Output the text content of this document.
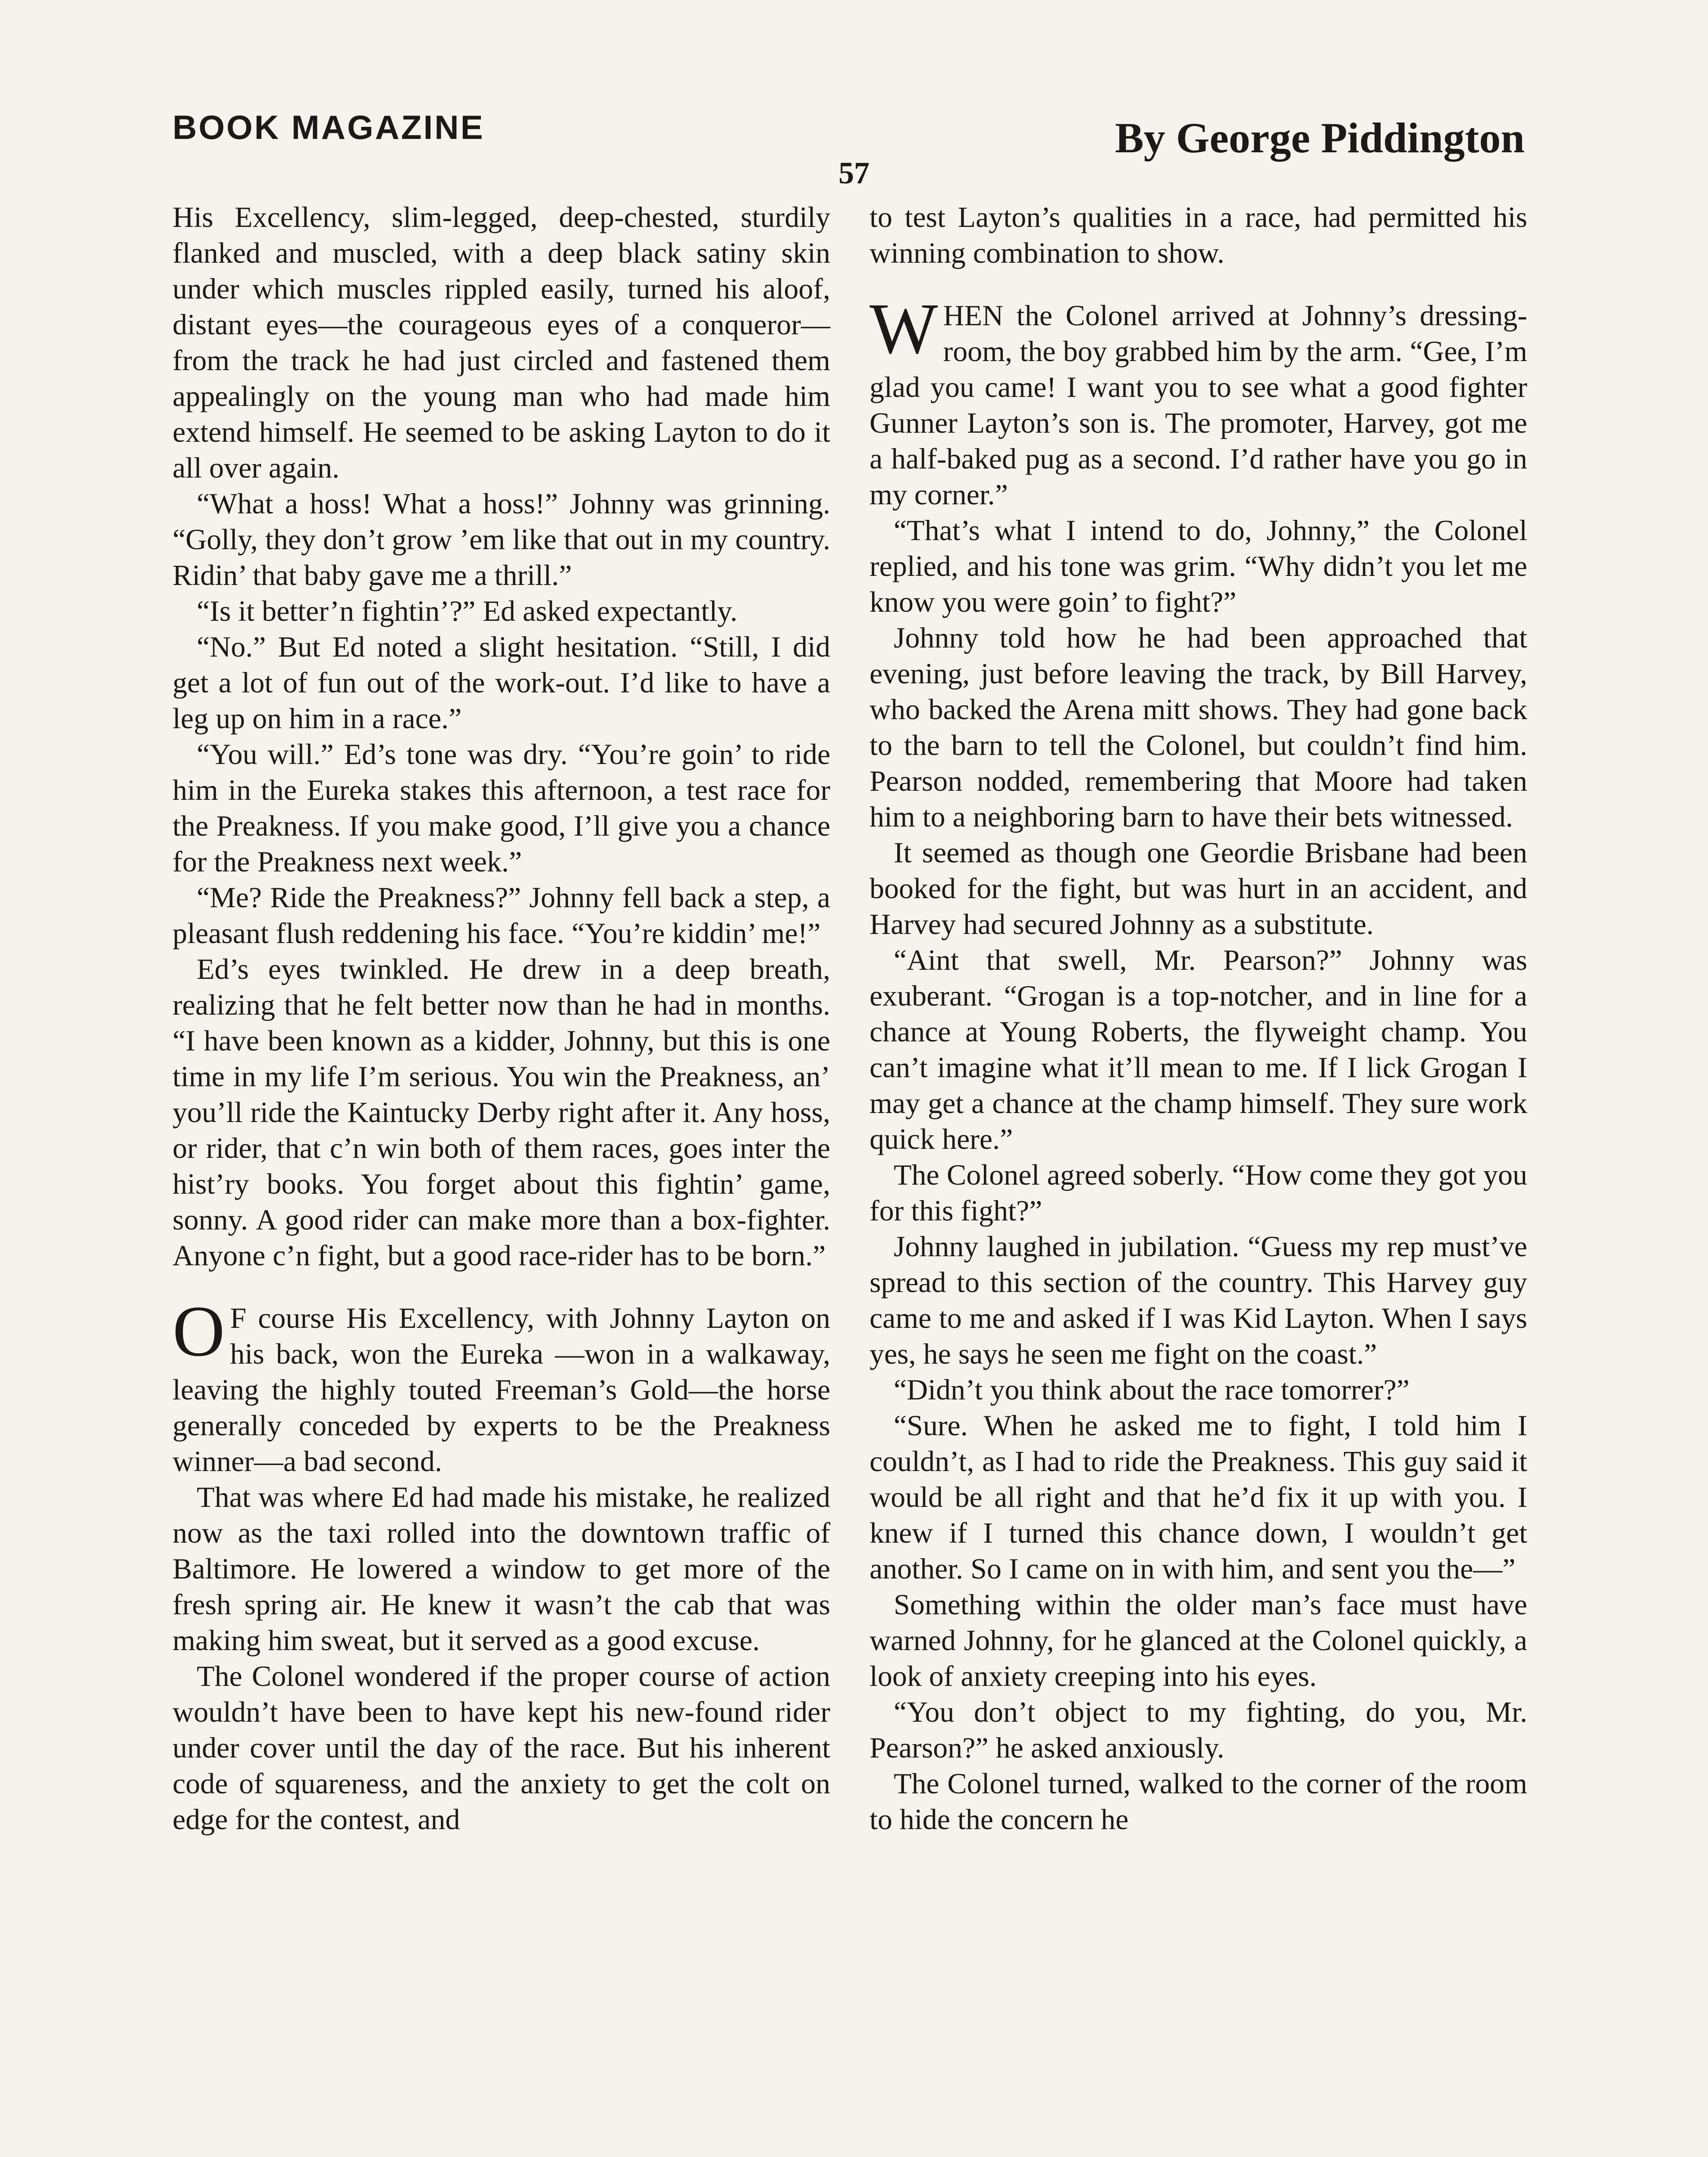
BOOK MAGAZINE	By George Piddington
57

His Excellency, slim-legged, deep-chested, sturdily flanked and muscled, with a deep black satiny skin under which muscles rippled easily, turned his aloof, distant eyes—the courageous eyes of a conqueror—from the track he had just circled and fastened them appealingly on the young man who had made him extend himself. He seemed to be asking Layton to do it all over again.

“What a hoss! What a hoss!” Johnny was grinning. “Golly, they don’t grow ’em like that out in my country. Ridin’ that baby gave me a thrill.”

“Is it better’n fightin’?” Ed asked expectantly.

“No.” But Ed noted a slight hesitation. “Still, I did get a lot of fun out of the work-out. I’d like to have a leg up on him in a race.”

“You will.” Ed’s tone was dry. “You’re goin’ to ride him in the Eureka stakes this afternoon, a test race for the Preakness. If you make good, I’ll give you a chance for the Preakness next week.”

“Me? Ride the Preakness?” Johnny fell back a step, a pleasant flush reddening his face. “You’re kiddin’ me!”

Ed’s eyes twinkled. He drew in a deep breath, realizing that he felt better now than he had in months. “I have been known as a kidder, Johnny, but this is one time in my life I’m serious. You win the Preakness, an’ you’ll ride the Kaintucky Derby right after it. Any hoss, or rider, that c’n win both of them races, goes inter the hist’ry books. You forget about this fightin’ game, sonny. A good rider can make more than a box-fighter. Anyone c’n fight, but a good race-rider has to be born.”

O F course His Excellency, with Johnny Layton on his back, won the Eureka —won in a walkaway, leaving the highly touted Freeman’s Gold—the horse generally conceded by experts to be the Preakness winner—a bad second.

That was where Ed had made his mistake, he realized now as the taxi rolled into the downtown traffic of Baltimore. He lowered a window to get more of the fresh spring air. He knew it wasn’t the cab that was making him sweat, but it served as a good excuse.

The Colonel wondered if the proper course of action wouldn’t have been to have kept his new-found rider under cover until the day of the race. But his inherent code of squareness, and the anxiety to get the colt on edge for the contest, and

to test Layton’s qualities in a race, had permitted his winning combination to show.

WHEN the Colonel arrived at Johnny’s dressing-room, the boy grabbed him by the arm. “Gee, I’m glad you came! I want you to see what a good fighter Gunner Layton’s son is. The promoter, Harvey, got me a half-baked pug as a second. I’d rather have you go in my corner.”

“That’s what I intend to do, Johnny,” the Colonel replied, and his tone was grim. “Why didn’t you let me know you were goin’ to fight?”

Johnny told how he had been approached that evening, just before leaving the track, by Bill Harvey, who backed the Arena mitt shows. They had gone back to the barn to tell the Colonel, but couldn’t find him. Pearson nodded, remembering that Moore had taken him to a neighboring barn to have their bets witnessed.

It seemed as though one Geordie Brisbane had been booked for the fight, but was hurt in an accident, and Harvey had secured Johnny as a substitute.

“Aint that swell, Mr. Pearson?” Johnny was exuberant. “Grogan is a top-notcher, and in line for a chance at Young Roberts, the flyweight champ. You can’t imagine what it’ll mean to me. If I lick Grogan I may get a chance at the champ himself. They sure work quick here.”

The Colonel agreed soberly. “How come they got you for this fight?”

Johnny laughed in jubilation. “Guess my rep must’ve spread to this section of the country. This Harvey guy came to me and asked if I was Kid Layton. When I says yes, he says he seen me fight on the coast.”

“Didn’t you think about the race tomorrer?”

“Sure. When he asked me to fight, I told him I couldn’t, as I had to ride the Preakness. This guy said it would be all right and that he’d fix it up with you. I knew if I turned this chance down, I wouldn’t get another. So I came on in with him, and sent you the—”

Something within the older man’s face must have warned Johnny, for he glanced at the Colonel quickly, a look of anxiety creeping into his eyes.

“You don’t object to my fighting, do you, Mr. Pearson?” he asked anxiously.

The Colonel turned, walked to the corner of the room to hide the concern he
